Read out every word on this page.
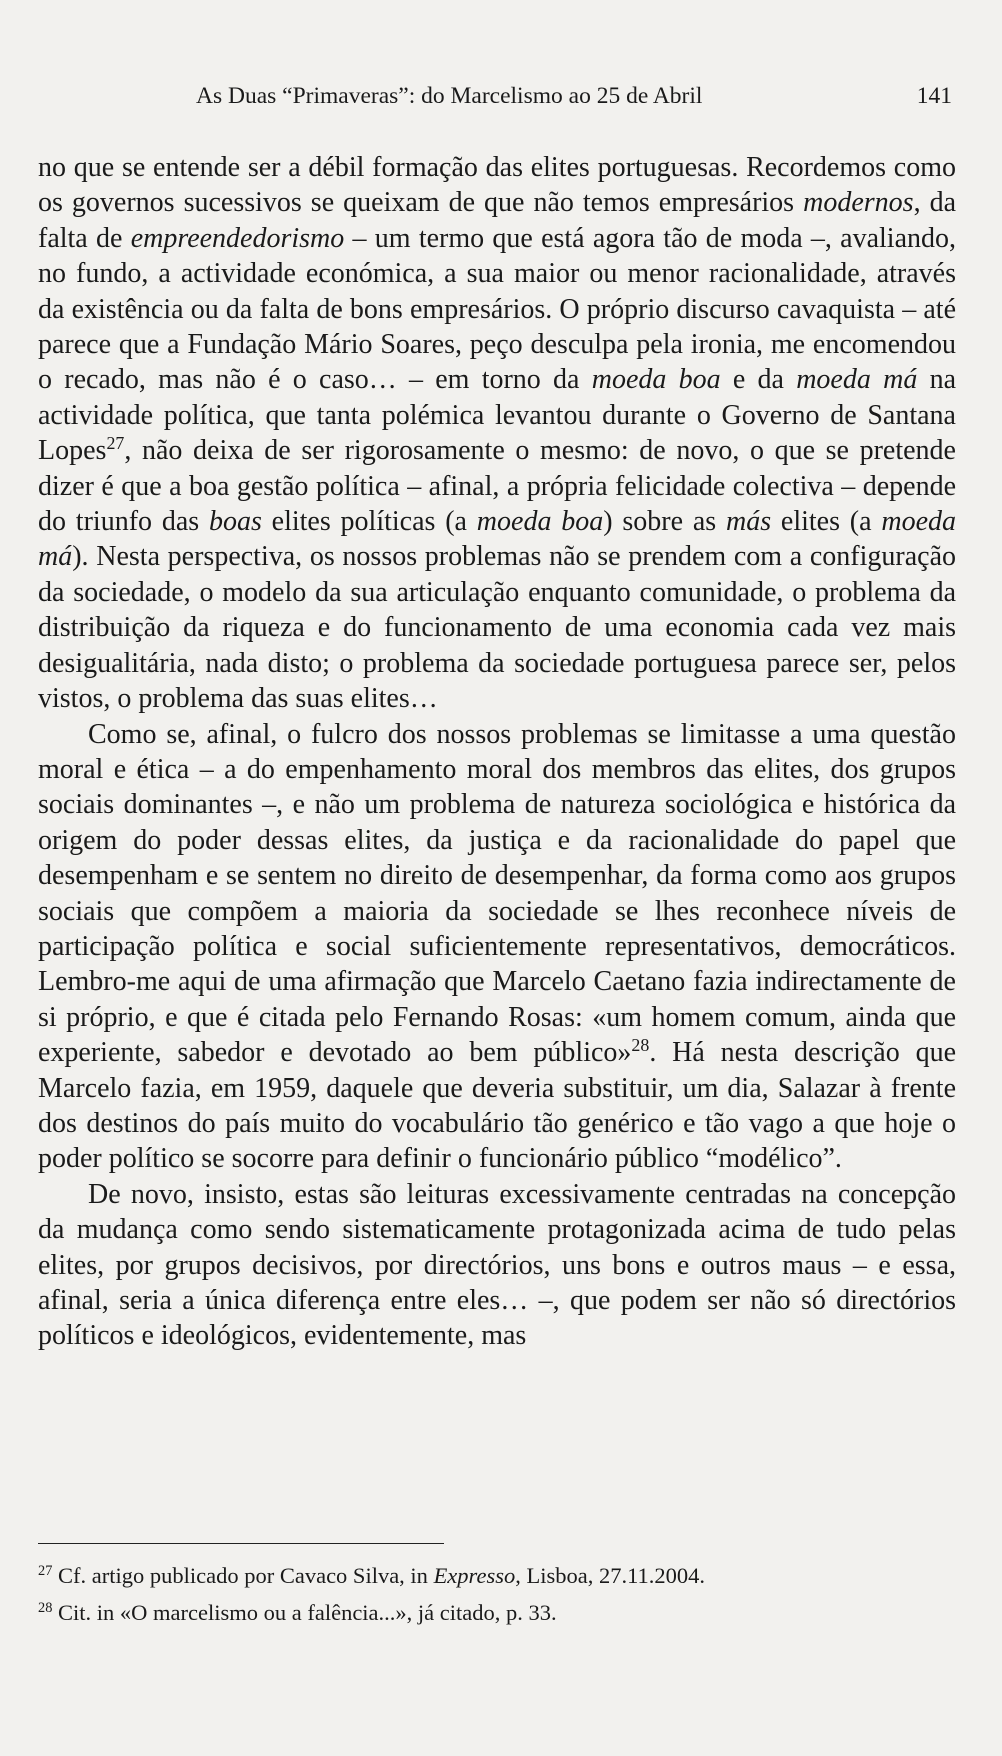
As Duas “Primaveras”: do Marcelismo ao 25 de Abril	141

no que se entende ser a débil formação das elites portuguesas. Recordemos como os governos sucessivos se queixam de que não temos empresários modernos, da falta de empreendedorismo – um termo que está agora tão de moda –, avaliando, no fundo, a actividade económica, a sua maior ou menor racionalidade, através da existência ou da falta de bons empresários. O próprio discurso cavaquista – até parece que a Fundação Mário Soares, peço desculpa pela ironia, me encomendou o recado, mas não é o caso… – em torno da moeda boa e da moeda má na actividade política, que tanta polémica levantou durante o Governo de Santana Lopes$^{27}$, não deixa de ser rigorosamente o mesmo: de novo, o que se pretende dizer é que a boa gestão política – afinal, a própria felicidade colectiva – depende do triunfo das boas elites políticas (a moeda boa) sobre as más elites (a moeda má). Nesta perspectiva, os nossos problemas não se prendem com a configuração da sociedade, o modelo da sua articulação enquanto comunidade, o problema da distribuição da riqueza e do funcionamento de uma economia cada vez mais desigualitária, nada disto; o problema da sociedade portuguesa parece ser, pelos vistos, o problema das suas elites…

Como se, afinal, o fulcro dos nossos problemas se limitasse a uma questão moral e ética – a do empenhamento moral dos membros das elites, dos grupos sociais dominantes –, e não um problema de natureza sociológica e histórica da origem do poder dessas elites, da justiça e da racionalidade do papel que desempenham e se sentem no direito de desempenhar, da forma como aos grupos sociais que compõem a maioria da sociedade se lhes reconhece níveis de participação política e social suficientemente representativos, democráticos. Lembro-me aqui de uma afirmação que Marcelo Caetano fazia indirectamente de si próprio, e que é citada pelo Fernando Rosas: «um homem comum, ainda que experiente, sabedor e devotado ao bem público»$^{28}$. Há nesta descrição que Marcelo fazia, em 1959, daquele que deveria substituir, um dia, Salazar à frente dos destinos do país muito do vocabulário tão genérico e tão vago a que hoje o poder político se socorre para definir o funcionário público “modélico”.

De novo, insisto, estas são leituras excessivamente centradas na concepção da mudança como sendo sistematicamente protagonizada acima de tudo pelas elites, por grupos decisivos, por directórios, uns bons e outros maus – e essa, afinal, seria a única diferença entre eles… –, que podem ser não só directórios políticos e ideológicos, evidentemente, mas

$^{27}$ Cf. artigo publicado por Cavaco Silva, in Expresso, Lisboa, 27.11.2004.

$^{28}$ Cit. in «O marcelismo ou a falência...», já citado, p. 33.
